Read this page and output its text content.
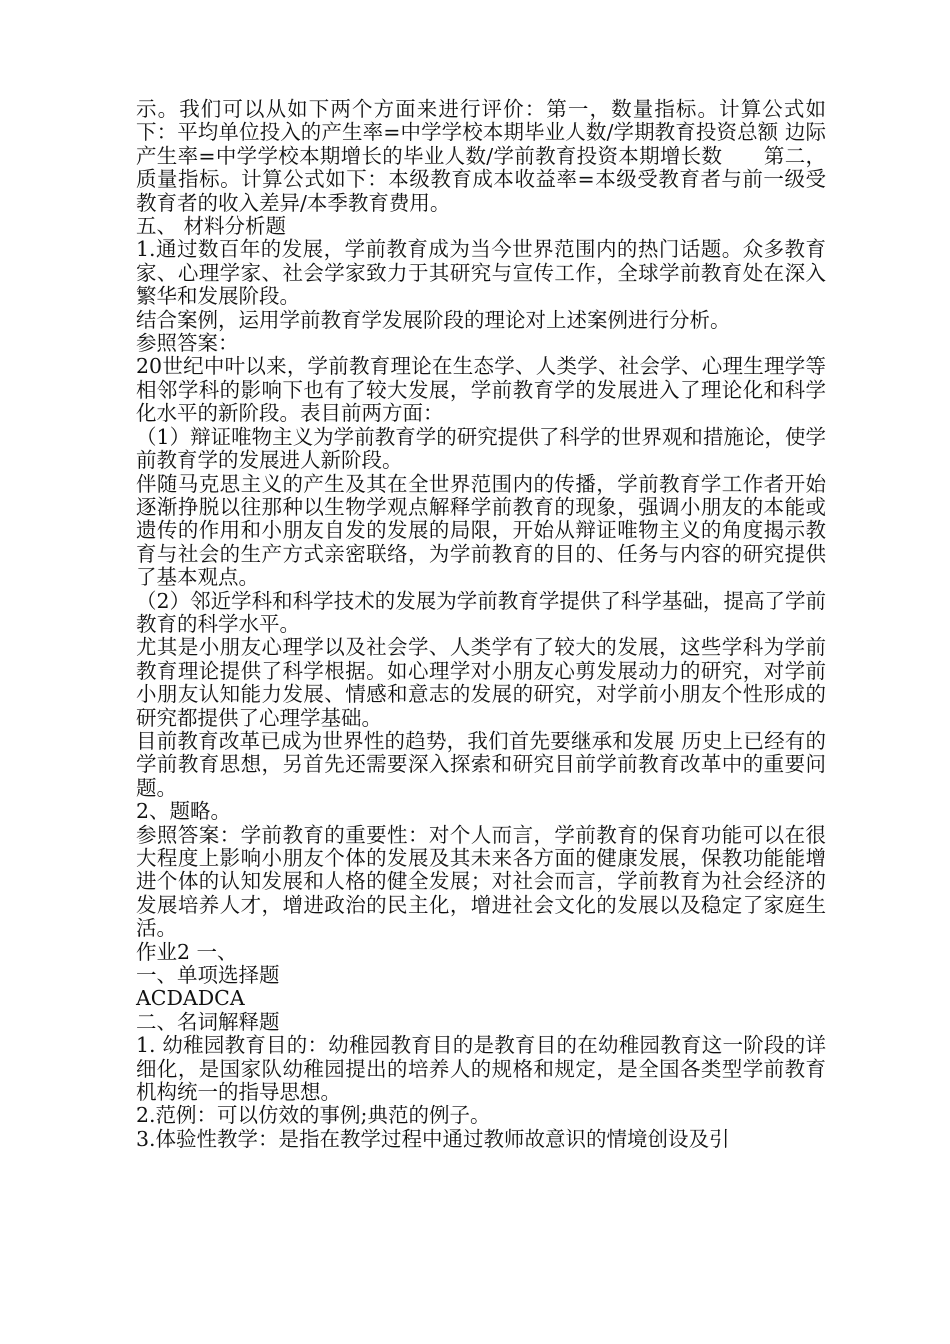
示。我们可以从如下两个方面来进行评价：第一，数量指标。计算公式如下：平均单位投入的产生率=中学学校本期毕业人数/学期教育投资总额 边际产生率=中学学校本期增长的毕业人数/学前教育投资本期增长数　　第二，质量指标。计算公式如下：本级教育成本收益率=本级受教育者与前一级受教育者的收入差异/本季教育费用。

五、 材料分析题

1.通过数百年的发展，学前教育成为当今世界范围内的热门话题。众多教育家、心理学家、社会学家致力于其研究与宣传工作，全球学前教育处在深入繁华和发展阶段。

结合案例，运用学前教育学发展阶段的理论对上述案例进行分析。

参照答案：

20世纪中叶以来，学前教育理论在生态学、人类学、社会学、心理生理学等相邻学科的影响下也有了较大发展，学前教育学的发展进入了理论化和科学化水平的新阶段。表目前两方面：

（1）辩证唯物主义为学前教育学的研究提供了科学的世界观和措施论，使学前教育学的发展进人新阶段。

伴随马克思主义的产生及其在全世界范围内的传播，学前教育学工作者开始逐渐挣脱以往那种以生物学观点解释学前教育的现象，强调小朋友的本能或遗传的作用和小朋友自发的发展的局限，开始从辩证唯物主义的角度揭示教育与社会的生产方式亲密联络，为学前教育的目的、任务与内容的研究提供了基本观点。

（2）邻近学科和科学技术的发展为学前教育学提供了科学基础，提高了学前教育的科学水平。

尤其是小朋友心理学以及社会学、人类学有了较大的发展，这些学科为学前教育理论提供了科学根据。如心理学对小朋友心剪发展动力的研究，对学前小朋友认知能力发展、情感和意志的发展的研究，对学前小朋友个性形成的研究都提供了心理学基础。

目前教育改革已成为世界性的趋势，我们首先要继承和发展 历史上已经有的学前教育思想，另首先还需要深入探索和研究目前学前教育改革中的重要问题。

2、题略。

参照答案：学前教育的重要性：对个人而言，学前教育的保育功能可以在很大程度上影响小朋友个体的发展及其未来各方面的健康发展，保教功能能增进个体的认知发展和人格的健全发展；对社会而言，学前教育为社会经济的发展培养人才，增进政治的民主化，增进社会文化的发展以及稳定了家庭生活。

作业2 一、

一、单项选择题

ACDADCA

二、名词解释题

1. 幼稚园教育目的：幼稚园教育目的是教育目的在幼稚园教育这一阶段的详细化，是国家队幼稚园提出的培养人的规格和规定，是全国各类型学前教育机构统一的指导思想。

2.范例：可以仿效的事例;典范的例子。

3.体验性教学：是指在教学过程中通过教师故意识的情境创设及引
